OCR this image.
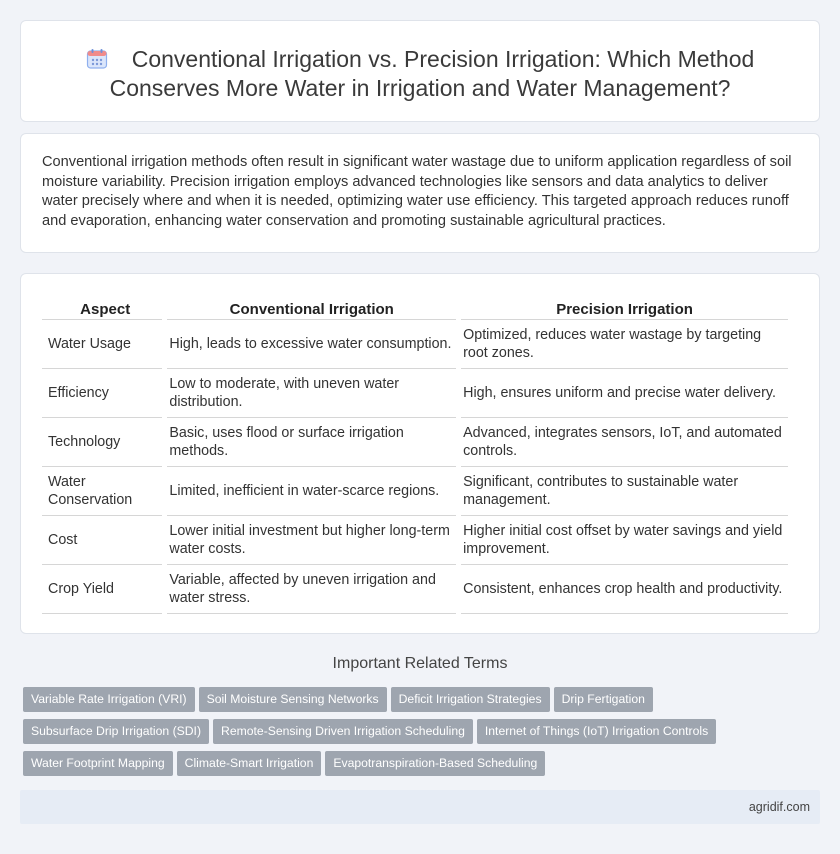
Conventional Irrigation vs. Precision Irrigation: Which Method Conserves More Water in Irrigation and Water Management?

Conventional irrigation methods often result in significant water wastage due to uniform application regardless of soil moisture variability. Precision irrigation employs advanced technologies like sensors and data analytics to deliver water precisely where and when it is needed, optimizing water use efficiency. This targeted approach reduces runoff and evaporation, enhancing water conservation and promoting sustainable agricultural practices.

Aspect	Conventional Irrigation	Precision Irrigation
Water Usage	High, leads to excessive water consumption.	Optimized, reduces water wastage by targeting root zones.
Efficiency	Low to moderate, with uneven water distribution.	High, ensures uniform and precise water delivery.
Technology	Basic, uses flood or surface irrigation methods.	Advanced, integrates sensors, IoT, and automated controls.
Water Conservation	Limited, inefficient in water-scarce regions.	Significant, contributes to sustainable water management.
Cost	Lower initial investment but higher long-term water costs.	Higher initial cost offset by water savings and yield improvement.
Crop Yield	Variable, affected by uneven irrigation and water stress.	Consistent, enhances crop health and productivity.
Important Related Terms
Variable Rate Irrigation (VRI) Soil Moisture Sensing Networks Deficit Irrigation Strategies Drip Fertigation
Subsurface Drip Irrigation (SDI) Remote-Sensing Driven Irrigation Scheduling Internet of Things (IoT) Irrigation Controls
Water Footprint Mapping Climate-Smart Irrigation Evapotranspiration-Based Scheduling
agridif.com
